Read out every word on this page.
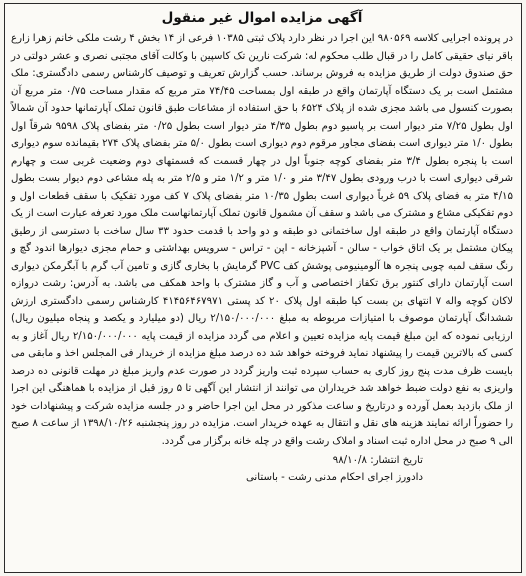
آگهی مزایده اموال غیر منقول

در پرونده اجرایی کلاسه ۹۸۰۵۶۹ این اجرا در نظر دارد پلاک ثبتی ۱۰۳۸۵ فرعی از ۱۴ بخش ۴ رشت ملکی خانم زهرا زارع باقر نیای حقیقی کامل را در قبال طلب محکوم له: شرکت نارین تک کاسپین با وکالت آقای مجتبی نصری و عشر دولتی در حق صندوق دولت از طریق مزایده به فروش برساند. حسب گزارش تعریف و توصیف کارشناس رسمی دادگستری: ملک مشتمل است بر یک دستگاه آپارتمان واقع در طبقه اول بمساحت ۷۴/۴۵ متر مربع که مقدار مساحت ۰/۷۵ متر مربع آن بصورت کنسول می باشد مجزی شده از پلاک ۶۵۲۴ با حق استفاده از مشاعات طبق قانون تملک آپارتمانها حدود آن شمالاً اول بطول ۷/۲۵ متر دیوار است بر پاسیو دوم بطول ۴/۳۵ متر دیوار است بطول ۰/۲۵ متر بفضای پلاک ۹۵۹۸ شرقاً اول بطول ۱/۰ متر دیواری است بفضای مجاور مرقوم دوم دیواری است بطول ۵/۰ متر بفضای پلاک ۲۷۴ بقیمانده سوم دیواری است با پنجره بطول ۳/۴ متر بفضای کوچه جنوباً اول در چهار قسمت که قسمتهای دوم وضعیت غربی ست و چهارم شرقی دیواری است با درب ورودی بطول ۳/۴۷ متر و ۱/۰ متر و ۱/۲ متر و ۲/۵ متر به پله مشاعی دوم دیوار بست بطول ۴/۱۵ متر به فضای پلاک ۵۹ غرباً دیواری است بطول ۱۰/۳۵ متر بفضای پلاک ۷ کف مورد تفکیک با سقف قطعات اول و دوم تفکیکی مشاع و مشترک می باشد و سقف آن مشمول قانون تملک آپارتمانهاست ملک مورد تعرفه عبارت است از یک دستگاه آپارتمان واقع در طبقه اول ساختمانی دو طبقه و دو واحد با قدمت حدود ۳۳ سال ساخت با دسترسی از رطیق پیکان مشتمل بر یک اتاق خواب - سالن - آشپزخانه - اپن - تراس - سرویس بهداشتی و حمام مجزی دیوارها اندود گچ و رنگ سقف لمبه چوبی پنجره ها آلومینیومی پوشش کف PVC گرمایش با بخاری گازی و تامین آب گرم با آبگرمکن دیواری است آپارتمان دارای کنتور برق تکفاز اختصاصی و آب و گاز مشترک با واحد همکف می باشد. به آدرس: رشت دروازه لاکان کوچه واله ۷ انتهای بن بست کیا طبقه اول پلاک ۲۰ کد پستی ۴۱۴۵۶۴۶۷۹۷۱ کارشناس رسمی دادگستری ارزش ششدانگ آپارتمان موصوف با امتیازات مربوطه به مبلغ ۲/۱۵۰/۰۰۰/۰۰۰ ریال (دو میلیارد و یکصد و پنجاه میلیون ریال) ارزیابی نموده که این مبلغ قیمت پایه مزایده تعیین و اعلام می گردد مزایده از قیمت پایه ۲/۱۵۰/۰۰۰/۰۰۰ ریال آغاز و به کسی که بالاترین قیمت را پیشنهاد نماید فروخته خواهد شد ده درصد مبلغ مزایده از خریدار فی المجلس اخذ و مابقی می بایست ظرف مدت پنج روز کاری به حساب سپرده ثبت واریز گردد در صورت عدم واریز مبلغ در مهلت قانونی ده درصد واریزی به نفع دولت ضبط خواهد شد خریداران می توانند از انتشار این آگهی تا ۵ روز قبل از مزایده با هماهنگی این اجرا از ملک بازدید بعمل آورده و درتاریخ و ساعت مذکور در محل این اجرا حاضر و در جلسه مزایده شرکت و پیشنهادات خود را حضوراً ارائه نمایند هزینه های نقل و انتقال به عهده خریدار است. مزایده در روز پنجشنبه ۱۳۹۸/۱۰/۲۶ از ساعت ۸ صبح الی ۹ صبح در محل اداره ثبت اسناد و املاک رشت واقع در چله خانه برگزار می گردد.

تاریخ انتشار: ۹۸/۱۰/۸
دادورز اجرای احکام مدنی رشت - باستانی
